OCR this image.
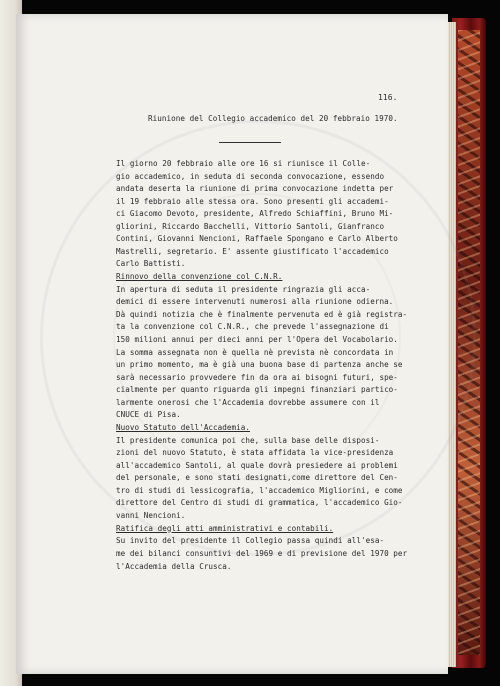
116.
Riunione del Collegio accademico del 20 febbraio 1970.
Il giorno 20 febbraio alle ore 16 si riunisce il Colle-
gio accademico, in seduta di seconda convocazione, essendo
andata deserta la riunione di prima convocazione indetta per
il 19 febbraio alle stessa ora. Sono presenti gli accademi-
ci Giacomo Devoto, presidente, Alfredo Schiaffini, Bruno Mi-
gliorini, Riccardo Bacchelli, Vittorio Santoli, Gianfranco
Contini, Giovanni Nencioni, Raffaele Spongano e Carlo Alberto
Mastrelli, segretario. E' assente giustificato l'accademico
Carlo Battisti.
Rinnovo della convenzione col C.N.R.
In apertura di seduta il presidente ringrazia gli acca-
demici di essere intervenuti numerosi alla riunione odierna.
Dà quindi notizia che è finalmente pervenuta ed è già registra-
ta la convenzione col C.N.R., che prevede l'assegnazione di
150 milioni annui per dieci anni per l'Opera del Vocabolario.
La somma assegnata non è quella nè prevista nè concordata in
un primo momento, ma è già una buona base di partenza anche se
sarà necessario provvedere fin da ora ai bisogni futuri, spe-
cialmente per quanto riguarda gli impegni finanziari partico-
larmente onerosi che l'Accademia dovrebbe assumere con il
CNUCE di Pisa.
Nuovo Statuto dell'Accademia.
Il presidente comunica poi che, sulla base delle disposi-
zioni del nuovo Statuto, è stata affidata la vice-presidenza
all'accademico Santoli, al quale dovrà presiedere ai problemi
del personale, e sono stati designati,come direttore del Cen-
tro di studi di lessicografia, l'accademico Migliorini, e come
direttore del Centro di studi di grammatica, l'accademico Gio-
vanni Nencioni.
Ratifica degli atti amministrativi e contabili.
Su invito del presidente il Collegio passa quindi all'esa-
me dei bilanci consuntivi del 1969 e di previsione del 1970 per
l'Accademia della Crusca.
